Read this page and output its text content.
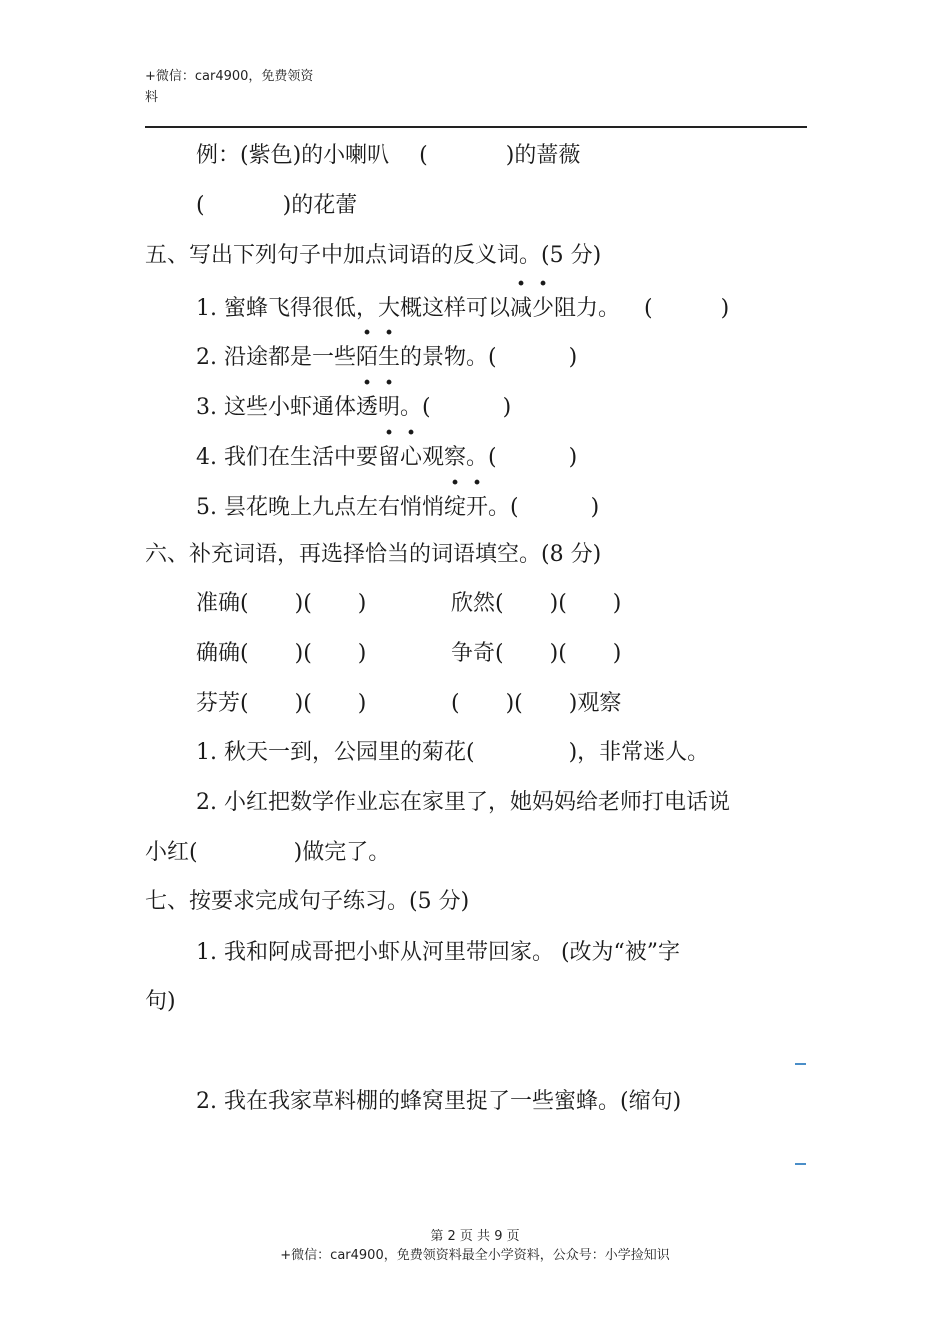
+微信：car4900，免费领资
料
例：(紫色)的小喇叭 (	)的蔷薇
(	)的花蕾
五、写出下列句子中加点词语的反义词。(5 分)
1. 蜜蜂飞得很低，大概这样可以减少阻力。 (	)
2. 沿途都是一些陌生的景物。(	)
3. 这些小虾通体透明。(	)
4. 我们在生活中要留心观察。(	)
5. 昙花晚上九点左右悄悄绽开。(	)
六、补充词语，再选择恰当的词语填空。(8 分)
准确( )( )	欣然( )( )
确确( )( )	争奇( )( )
芬芳( )( )	( )( )观察
1. 秋天一到，公园里的菊花(	)，非常迷人。
2. 小红把数学作业忘在家里了，她妈妈给老师打电话说
小红(	)做完了。
七、按要求完成句子练习。(5 分)
1. 我和阿成哥把小虾从河里带回家。 (改为“被”字
句)
2. 我在我家草料棚的蜂窝里捉了一些蜜蜂。(缩句)
第 2 页 共 9 页
+微信：car4900，免费领资料最全小学资料，公众号：小学捡知识
